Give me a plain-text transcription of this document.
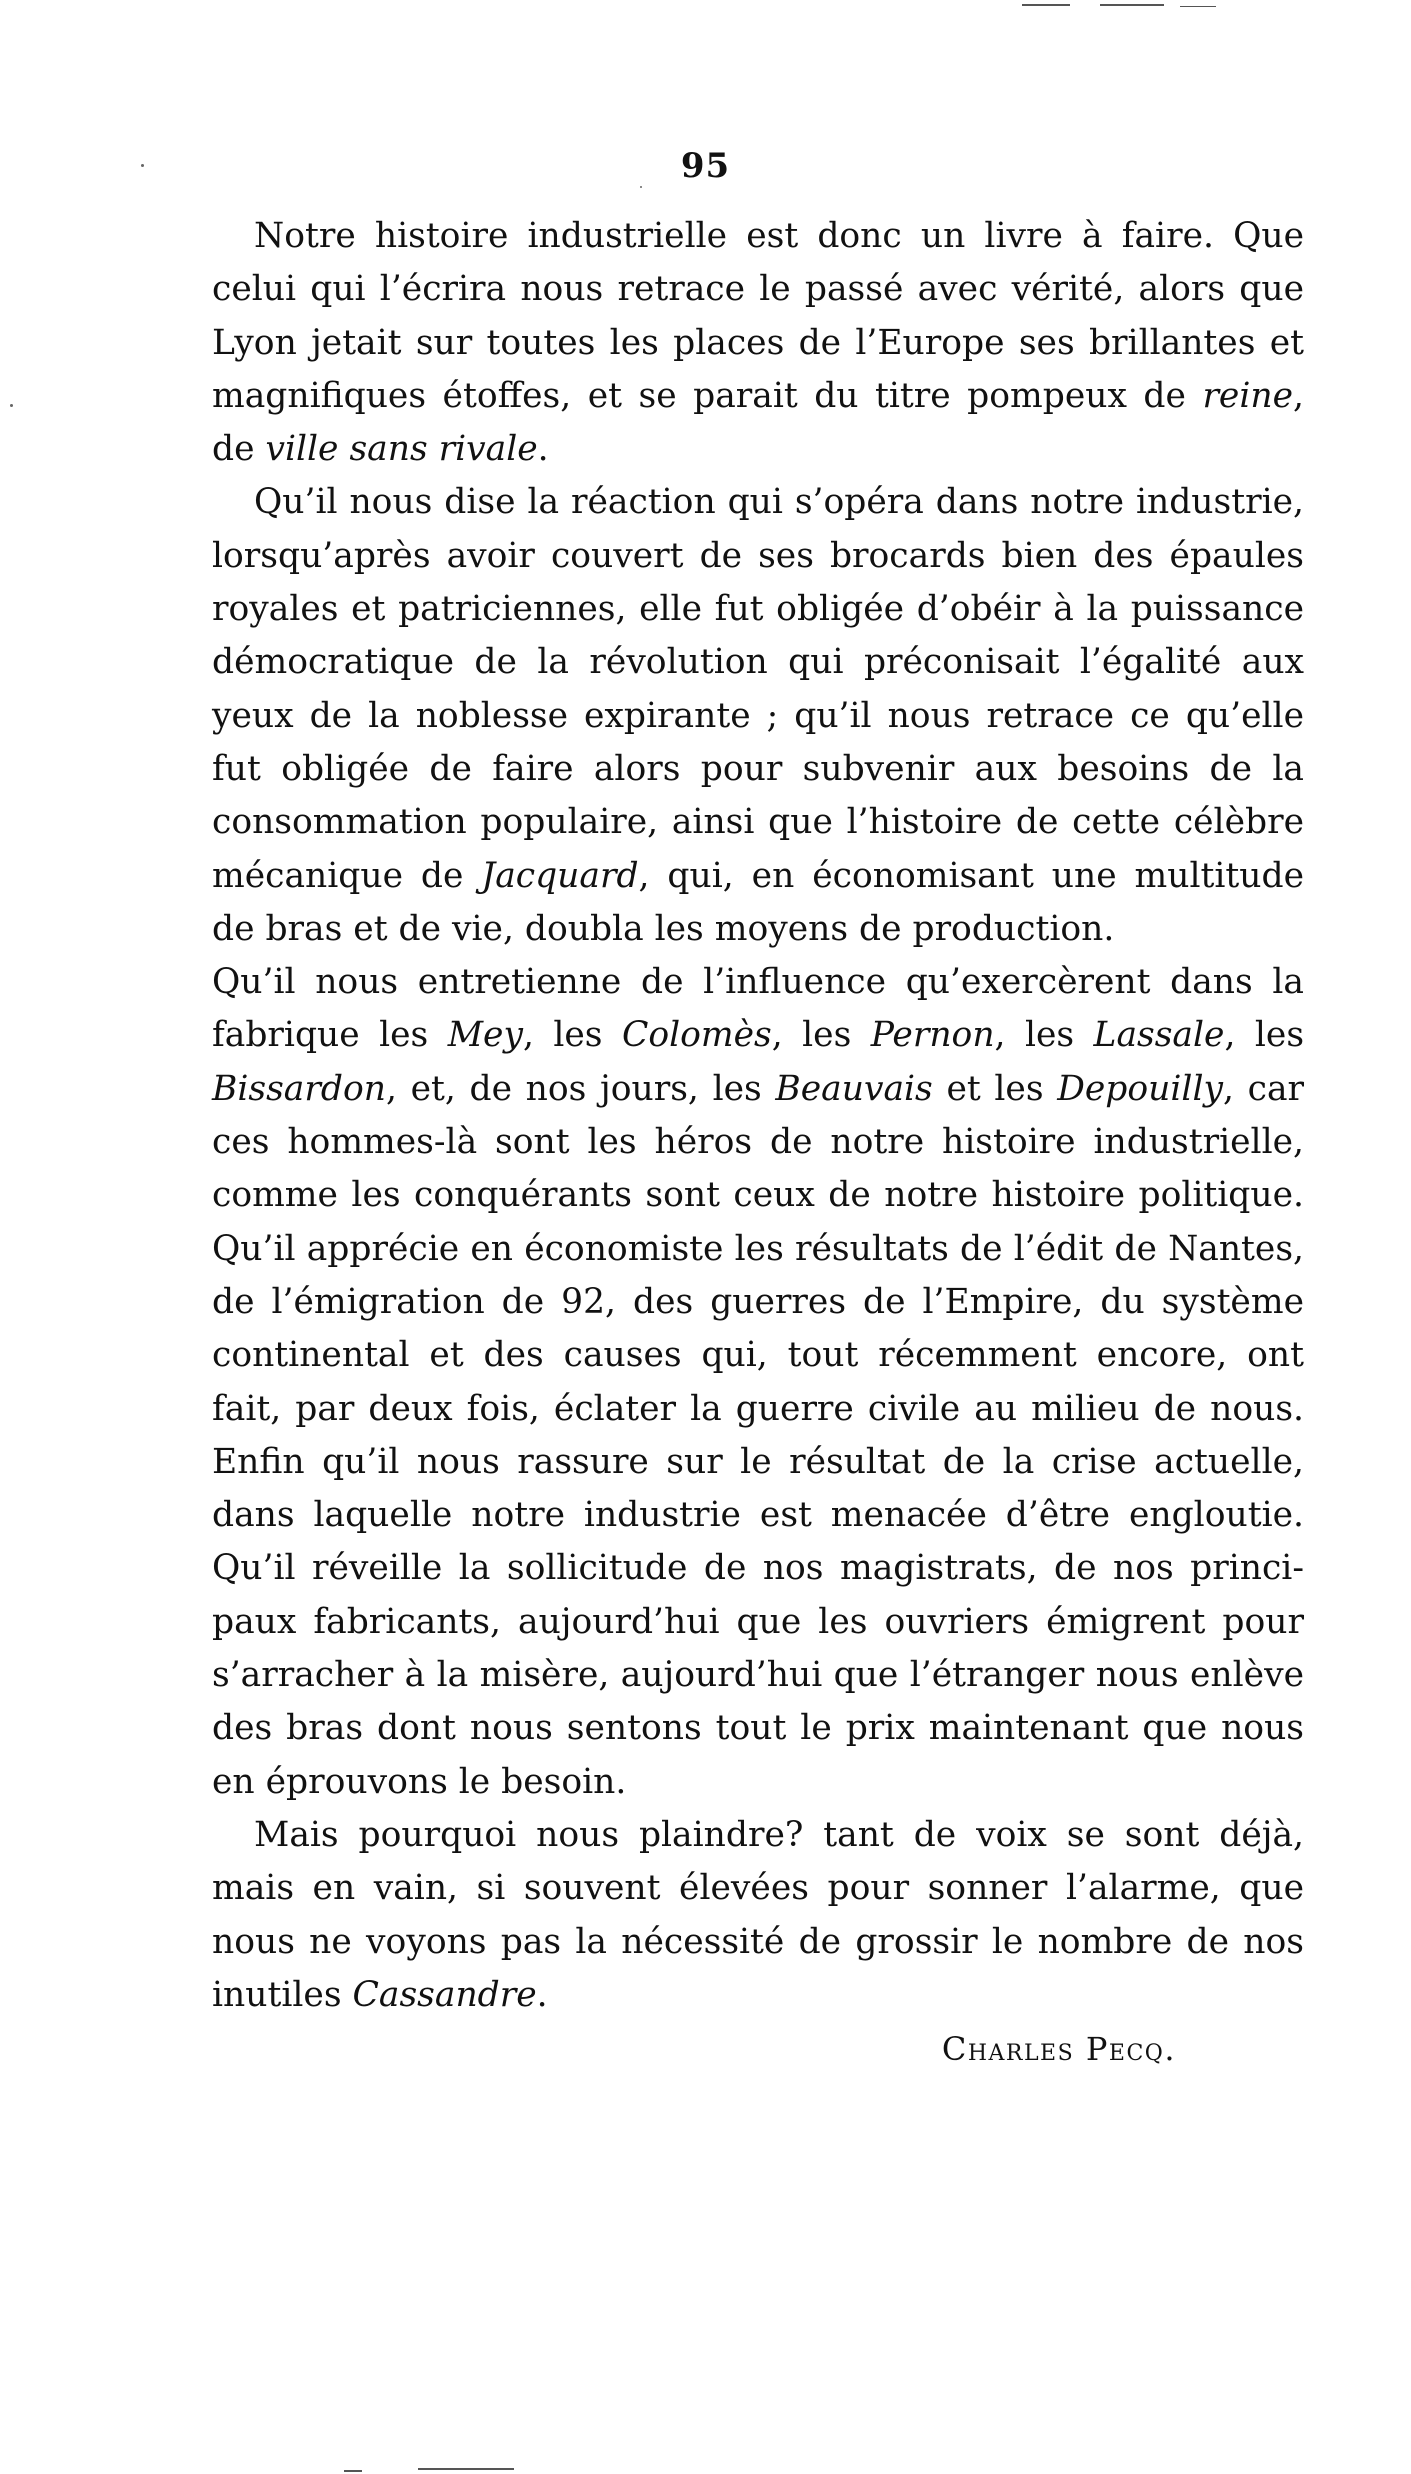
95

Notre histoire industrielle est donc un livre à faire. Que celui qui l’écrira nous retrace le passé avec vérité, alors que Lyon jetait sur toutes les places de l’Europe ses brillantes et magnifiques étoffes, et se parait du titre pompeux de reine, de ville sans rivale.

Qu’il nous dise la réaction qui s’opéra dans notre industrie, lorsqu’après avoir couvert de ses brocards bien des épaules royales et patriciennes, elle fut obligée d’obéir à la puissance démocratique de la révolution qui préconisait l’égalité aux yeux de la noblesse expirante ; qu’il nous retrace ce qu’elle fut obligée de faire alors pour subvenir aux besoins de la consommation populaire, ainsi que l’histoire de cette célèbre mécanique de Jacquard, qui, en économisant une multitude de bras et de vie, doubla les moyens de production.

Qu’il nous entretienne de l’influence qu’exercèrent dans la fabrique les Mey, les Colomès, les Pernon, les Lassale, les Bissardon, et, de nos jours, les Beauvais et les Depouilly, car ces hommes-là sont les héros de notre histoire industrielle, comme les conquérants sont ceux de notre histoire politique. Qu’il apprécie en économiste les résultats de l’édit de Nantes, de l’émigration de 92, des guerres de l’Empire, du système continental et des causes qui, tout récemment encore, ont fait, par deux fois, éclater la guerre civile au milieu de nous. Enfin qu’il nous rassure sur le résultat de la crise actuelle, dans laquelle notre industrie est menacée d’être engloutie. Qu’il réveille la sollicitude de nos magistrats, de nos principaux fabricants, aujourd’hui que les ouvriers émigrent pour s’arracher à la misère, aujourd’hui que l’étranger nous enlève des bras dont nous sentons tout le prix maintenant que nous en éprouvons le besoin.

Mais pourquoi nous plaindre? tant de voix se sont déjà, mais en vain, si souvent élevées pour sonner l’alarme, que nous ne voyons pas la nécessité de grossir le nombre de nos inutiles Cassandre.

Charles Pecq.
